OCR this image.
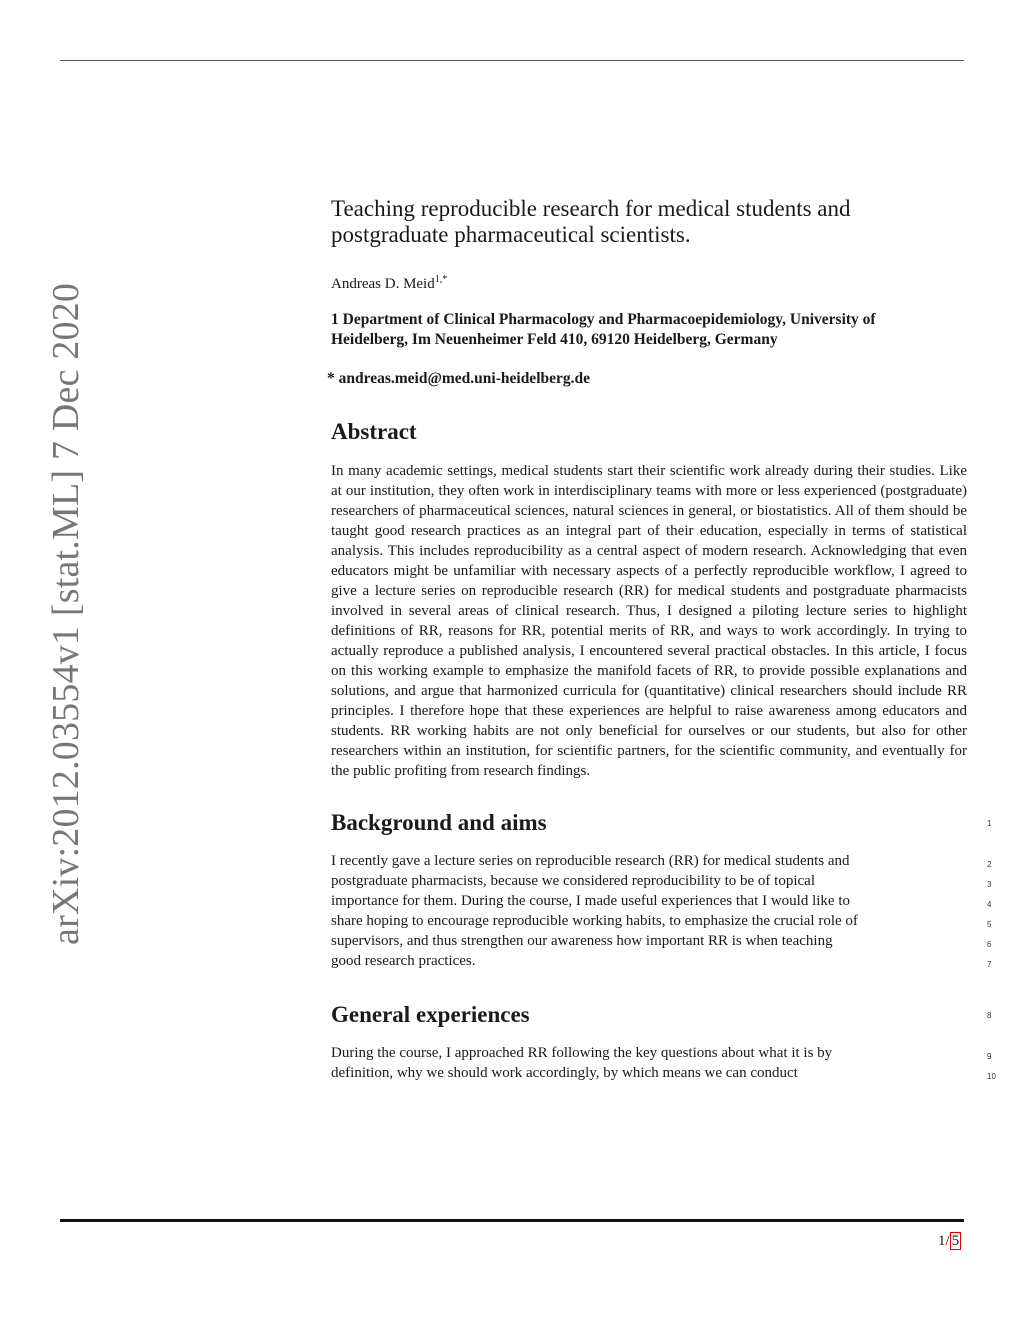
arXiv:2012.03554v1 [stat.ML] 7 Dec 2020
Teaching reproducible research for medical students and
postgraduate pharmaceutical scientists.
Andreas D. Meid$^{1,*}$
1 Department of Clinical Pharmacology and Pharmacoepidemiology, University of Heidelberg, Im Neuenheimer Feld 410, 69120 Heidelberg, Germany
* andreas.meid@med.uni-heidelberg.de
Abstract
In many academic settings, medical students start their scientific work already during their studies. Like at our institution, they often work in interdisciplinary teams with more or less experienced (postgraduate) researchers of pharmaceutical sciences, natural sciences in general, or biostatistics. All of them should be taught good research practices as an integral part of their education, especially in terms of statistical analysis. This includes reproducibility as a central aspect of modern research. Acknowledging that even educators might be unfamiliar with necessary aspects of a perfectly reproducible workflow, I agreed to give a lecture series on reproducible research (RR) for medical students and postgraduate pharmacists involved in several areas of clinical research. Thus, I designed a piloting lecture series to highlight definitions of RR, reasons for RR, potential merits of RR, and ways to work accordingly. In trying to actually reproduce a published analysis, I encountered several practical obstacles. In this article, I focus on this working example to emphasize the manifold facets of RR, to provide possible explanations and solutions, and argue that harmonized curricula for (quantitative) clinical researchers should include RR principles. I therefore hope that these experiences are helpful to raise awareness among educators and students. RR working habits are not only beneficial for ourselves or our students, but also for other researchers within an institution, for scientific partners, for the scientific community, and eventually for the public profiting from research findings.
Background and aims	1
I recently gave a lecture series on reproducible research (RR) for medical students and	2
postgraduate pharmacists, because we considered reproducibility to be of topical	3
importance for them. During the course, I made useful experiences that I would like to	4
share hoping to encourage reproducible working habits, to emphasize the crucial role of	5
supervisors, and thus strengthen our awareness how important RR is when teaching	6
good research practices.	7
General experiences	8
During the course, I approached RR following the key questions about what it is by	9
definition, why we should work accordingly, by which means we can conduct	10
1/ 5
